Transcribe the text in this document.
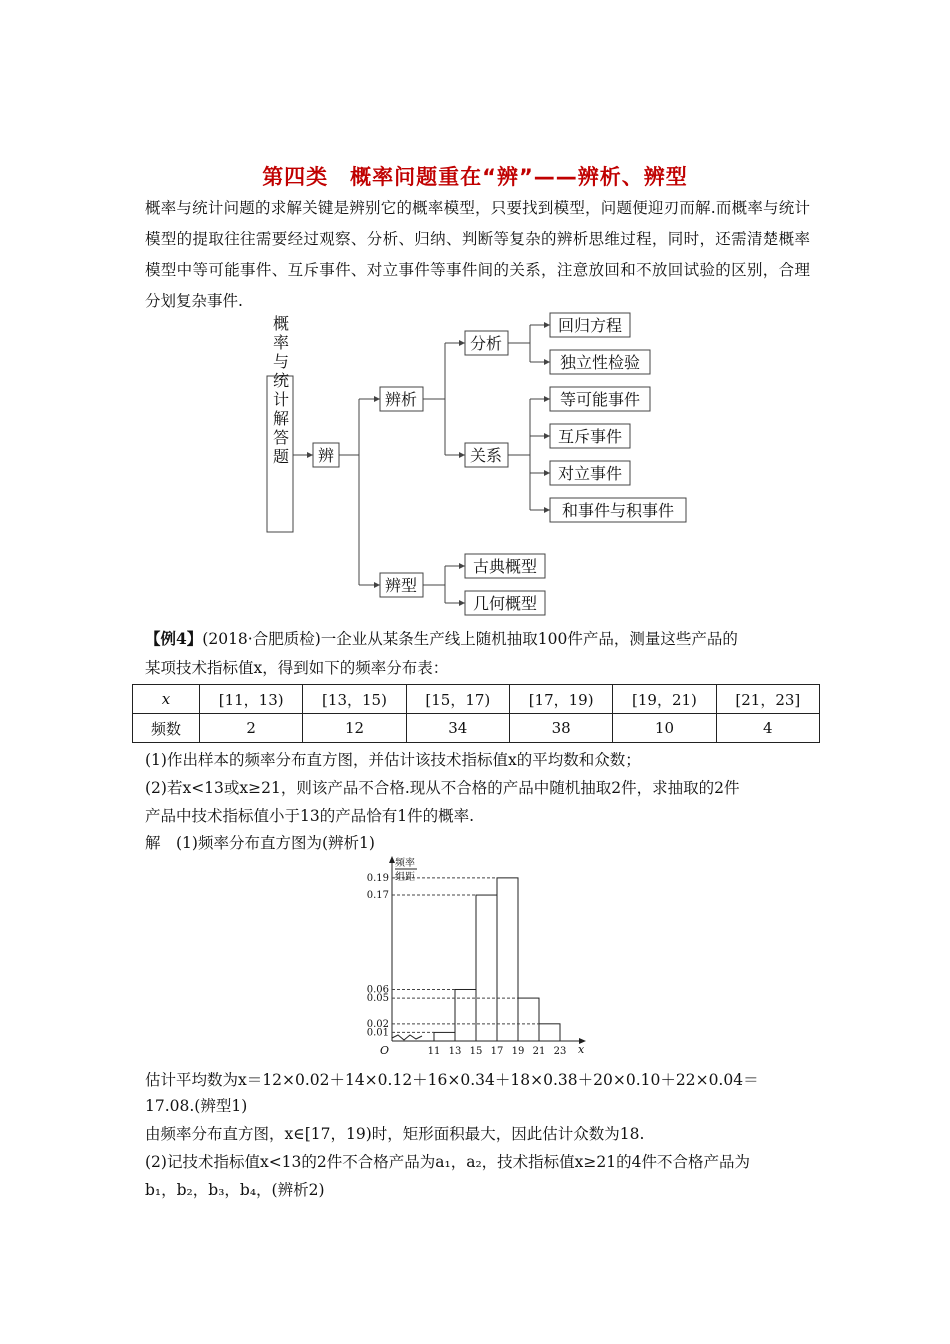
第四类　概率问题重在“辨”——辨析、辨型
概率与统计问题的求解关键是辨别它的概率模型，只要找到模型，问题便迎刃而解.而概率与统计模型的提取往往需要经过观察、分析、归纳、判断等复杂的辨析思维过程，同时，还需清楚概率模型中等可能事件、互斥事件、对立事件等事件间的关系，注意放回和不放回试验的区别，合理分划复杂事件.
概率与统计解答题 辨
辨析
辨型
分析
关系
回归方程
独立性检验
等可能事件
互斥事件
对立事件
和事件与积事件
古典概型
几何概型
【例4】(2018·合肥质检)一企业从某条生产线上随机抽取100件产品，测量这些产品的
某项技术指标值x，得到如下的频率分布表：
x	[11，13)	[13，15)	[15，17)	[17，19)	[19，21)	[21，23]
频数	2	12	34	38	10	4
(1)作出样本的频率分布直方图，并估计该技术指标值x的平均数和众数；
(2)若x<13或x≥21，则该产品不合格.现从不合格的产品中随机抽取2件，求抽取的2件
产品中技术指标值小于13的产品恰有1件的概率.
解　(1)频率分布直方图为(辨析1)
0.01
0.02
0.05
0.06
0.17
0.19
11 13 15 17 19 21 23
O	x
频率
组距
估计平均数为x＝12×0.02＋14×0.12＋16×0.34＋18×0.38＋20×0.10＋22×0.04＝
17.08.(辨型1)
由频率分布直方图，x∈[17，19)时，矩形面积最大，因此估计众数为18.
(2)记技术指标值x<13的2件不合格产品为a₁，a₂，技术指标值x≥21的4件不合格产品为
b₁，b₂，b₃，b₄，(辨析2)
